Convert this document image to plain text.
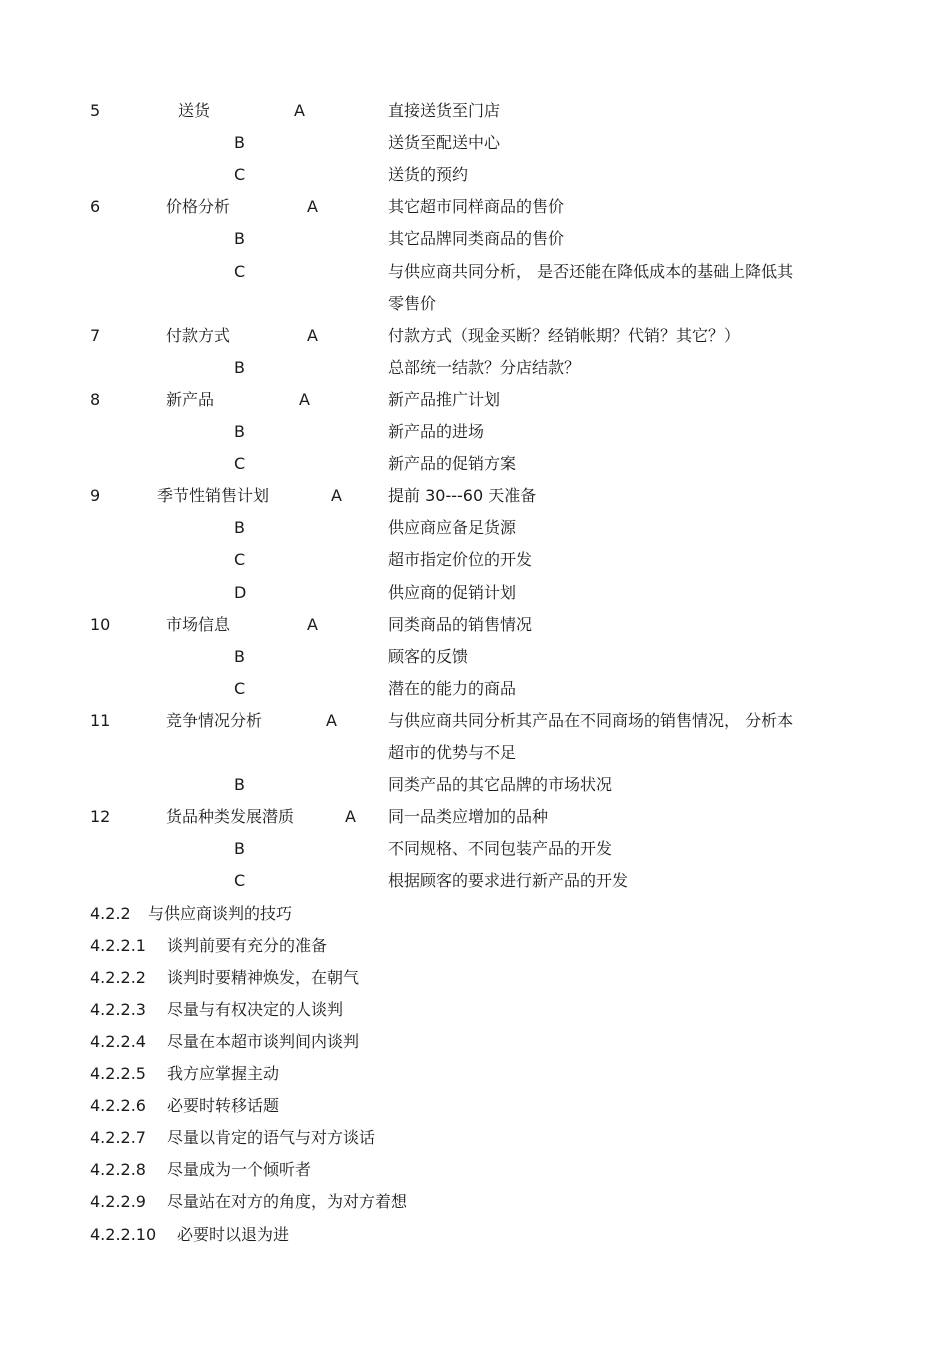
5	送货	A	直接送货至门店
B	送货至配送中心
C	送货的预约
6	价格分析	A	其它超市同样商品的售价
B	其它品牌同类商品的售价
C	与供应商共同分析， 是否还能在降低成本的基础上降低其
零售价
7	付款方式	A	付款方式（现金买断？经销帐期？代销？其它？）
B	总部统一结款？分店结款？
8	新产品	A	新产品推广计划
B	新产品的进场
C	新产品的促销方案
9	季节性销售计划	A	提前 30---60 天准备
B	供应商应备足货源
C	超市指定价位的开发
D	供应商的促销计划
10	市场信息	A	同类商品的销售情况
B	顾客的反馈
C	潜在的能力的商品
11	竞争情况分析	A	与供应商共同分析其产品在不同商场的销售情况， 分析本
超市的优势与不足
B	同类产品的其它品牌的市场状况
12	货品种类发展潜质	A 同一品类应增加的品种
B	不同规格、不同包装产品的开发
C	根据顾客的要求进行新产品的开发
4.2.2 与供应商谈判的技巧
4.2.2.1 谈判前要有充分的准备
4.2.2.2 谈判时要精神焕发，在朝气
4.2.2.3 尽量与有权决定的人谈判
4.2.2.4 尽量在本超市谈判间内谈判
4.2.2.5 我方应掌握主动
4.2.2.6 必要时转移话题
4.2.2.7 尽量以肯定的语气与对方谈话
4.2.2.8 尽量成为一个倾听者
4.2.2.9 尽量站在对方的角度，为对方着想
4.2.2.10 必要时以退为进
